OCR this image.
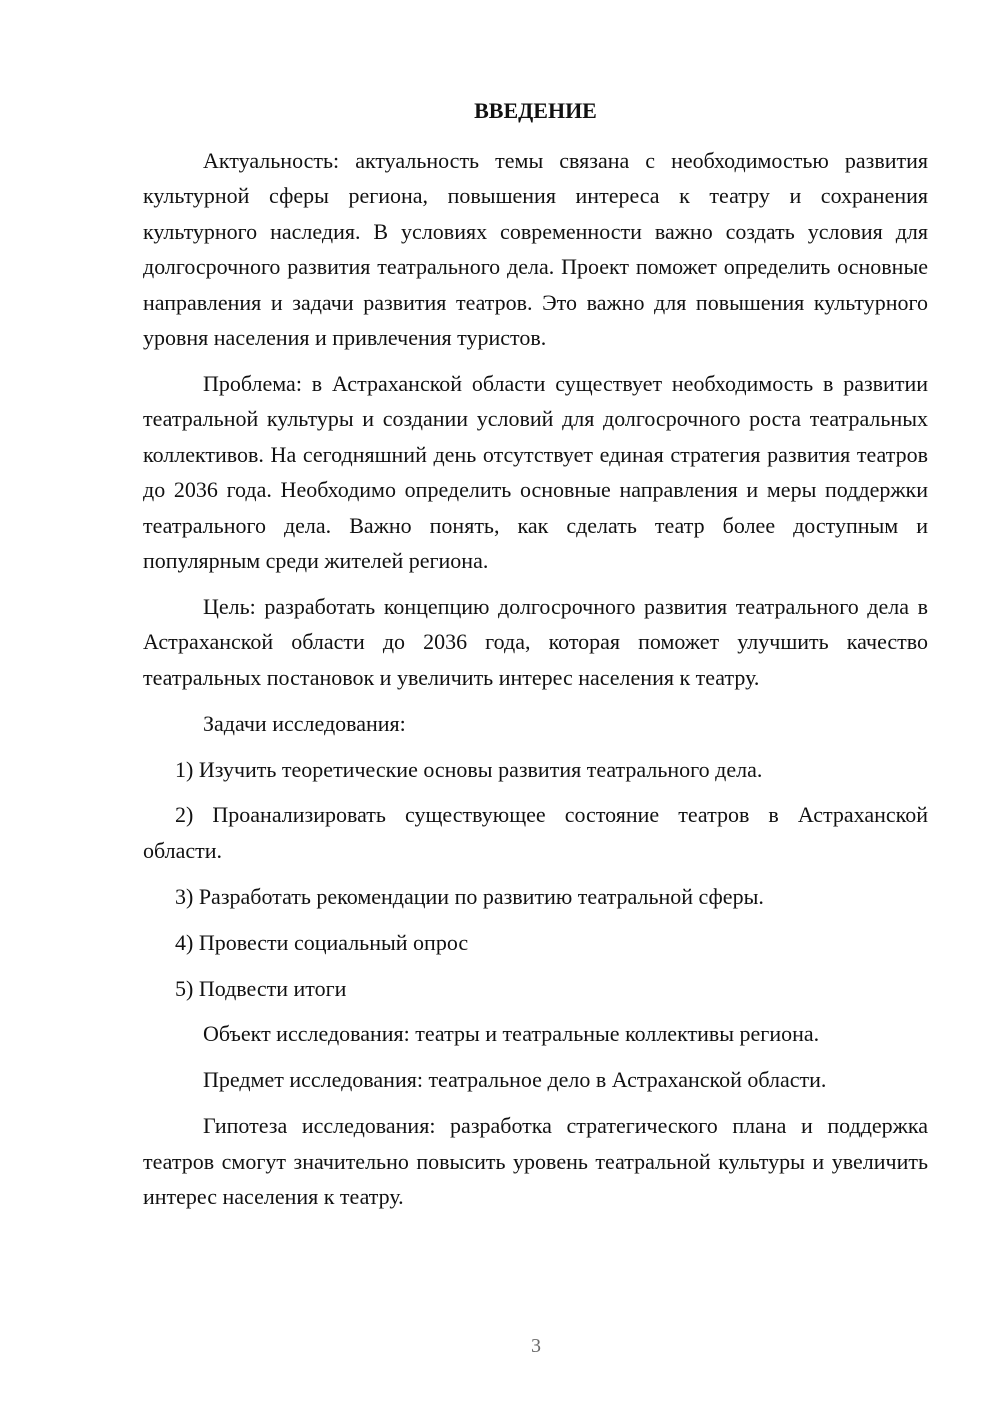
ВВЕДЕНИЕ

Актуальность: актуальность темы связана с необходимостью развития культурной сферы региона, повышения интереса к театру и сохранения культурного наследия. В условиях современности важно создать условия для долгосрочного развития театрального дела. Проект поможет определить основные направления и задачи развития театров. Это важно для повышения культурного уровня населения и привлечения туристов.

Проблема: в Астраханской области существует необходимость в развитии театральной культуры и создании условий для долгосрочного роста театральных коллективов. На сегодняшний день отсутствует единая стратегия развития театров до 2036 года. Необходимо определить основные направления и меры поддержки театрального дела. Важно понять, как сделать театр более доступным и популярным среди жителей региона.

Цель: разработать концепцию долгосрочного развития театрального дела в Астраханской области до 2036 года, которая поможет улучшить качество театральных постановок и увеличить интерес населения к театру.

Задачи исследования:

1) Изучить теоретические основы развития театрального дела.

2) Проанализировать существующее состояние театров в Астраханской области.

3) Разработать рекомендации по развитию театральной сферы.

4) Провести социальный опрос

5) Подвести итоги

Объект исследования: театры и театральные коллективы региона.

Предмет исследования: театральное дело в Астраханской области.

Гипотеза исследования: разработка стратегического плана и поддержка театров смогут значительно повысить уровень театральной культуры и увеличить интерес населения к театру.

3
